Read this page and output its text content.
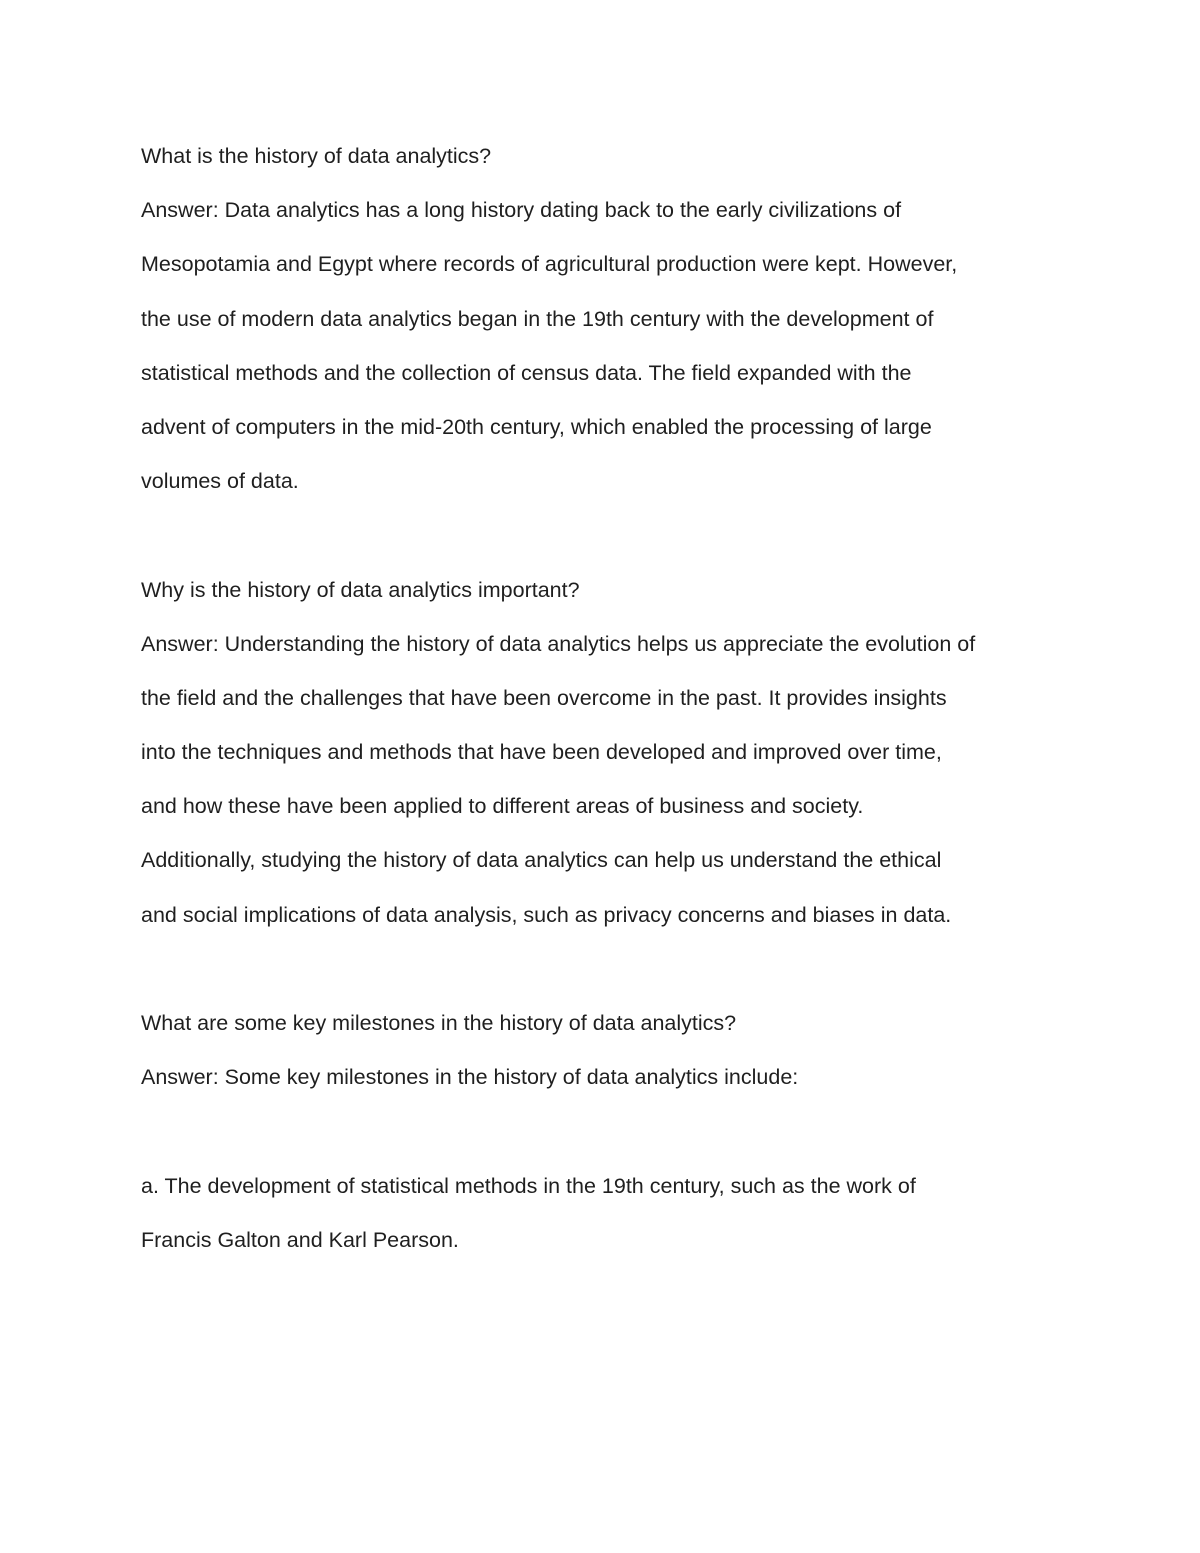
What is the history of data analytics?
Answer: Data analytics has a long history dating back to the early civilizations of
Mesopotamia and Egypt where records of agricultural production were kept. However,
the use of modern data analytics began in the 19th century with the development of
statistical methods and the collection of census data. The field expanded with the
advent of computers in the mid-20th century, which enabled the processing of large
volumes of data.
Why is the history of data analytics important?
Answer: Understanding the history of data analytics helps us appreciate the evolution of
the field and the challenges that have been overcome in the past. It provides insights
into the techniques and methods that have been developed and improved over time,
and how these have been applied to different areas of business and society.
Additionally, studying the history of data analytics can help us understand the ethical
and social implications of data analysis, such as privacy concerns and biases in data.
What are some key milestones in the history of data analytics?
Answer: Some key milestones in the history of data analytics include:
a. The development of statistical methods in the 19th century, such as the work of
Francis Galton and Karl Pearson.
